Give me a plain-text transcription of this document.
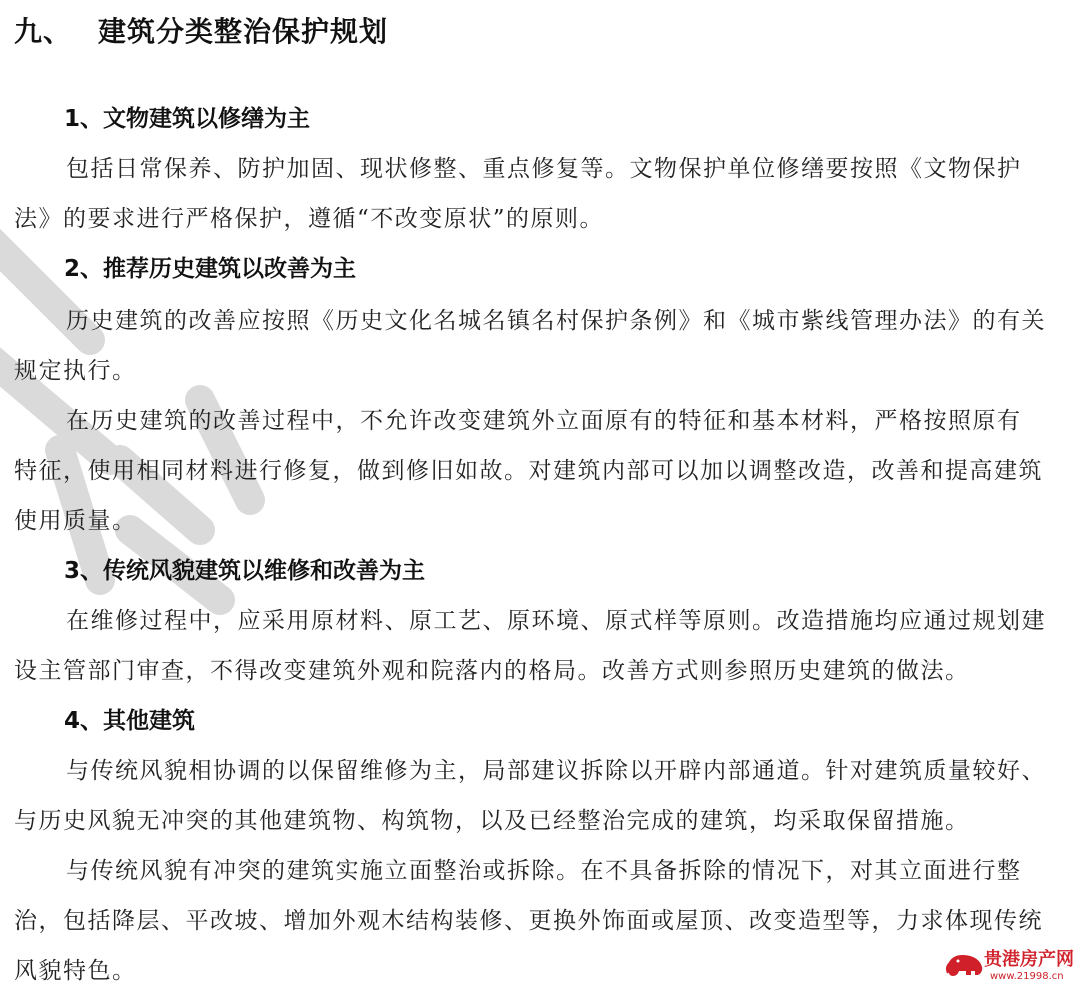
九、 建筑分类整治保护规划
1、文物建筑以修缮为主
包括日常保养、防护加固、现状修整、重点修复等。文物保护单位修缮要按照《文物保护
法》的要求进行严格保护，遵循“不改变原状”的原则。
2、推荐历史建筑以改善为主
历史建筑的改善应按照《历史文化名城名镇名村保护条例》和《城市紫线管理办法》的有关
规定执行。
在历史建筑的改善过程中，不允许改变建筑外立面原有的特征和基本材料，严格按照原有
特征，使用相同材料进行修复，做到修旧如故。对建筑内部可以加以调整改造，改善和提高建筑
使用质量。
3、传统风貌建筑以维修和改善为主
在维修过程中，应采用原材料、原工艺、原环境、原式样等原则。改造措施均应通过规划建
设主管部门审查，不得改变建筑外观和院落内的格局。改善方式则参照历史建筑的做法。
4、其他建筑
与传统风貌相协调的以保留维修为主，局部建议拆除以开辟内部通道。针对建筑质量较好、
与历史风貌无冲突的其他建筑物、构筑物，以及已经整治完成的建筑，均采取保留措施。
与传统风貌有冲突的建筑实施立面整治或拆除。在不具备拆除的情况下，对其立面进行整
治，包括降层、平改坡、增加外观木结构装修、更换外饰面或屋顶、改变造型等，力求体现传统
风貌特色。	贵港房产网
www.21998.cn
